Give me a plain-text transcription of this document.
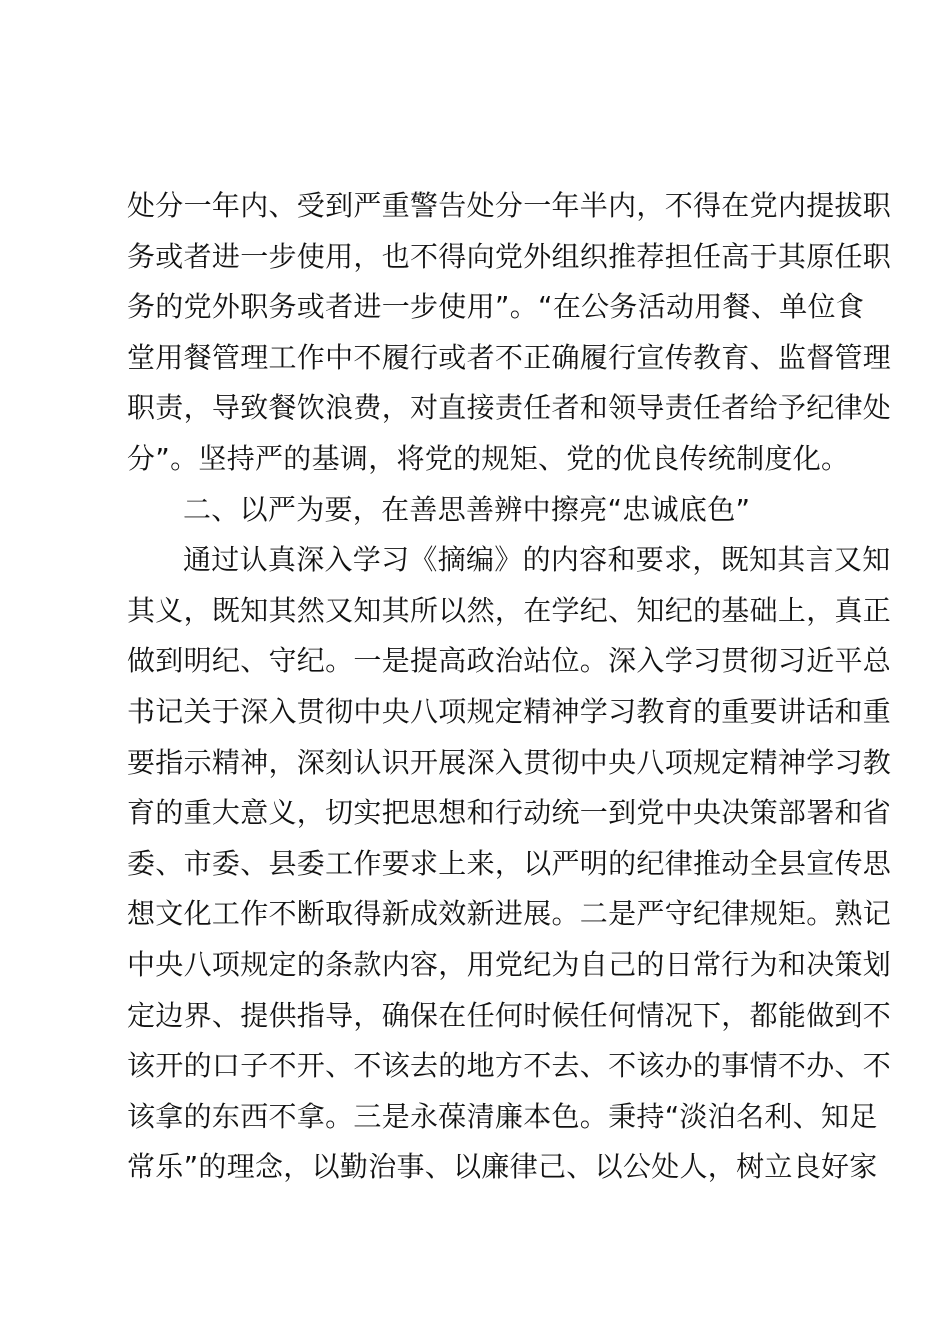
处分一年内、受到严重警告处分一年半内，不得在党内提拔职
务或者进一步使用，也不得向党外组织推荐担任高于其原任职
务的党外职务或者进一步使用”。“在公务活动用餐、单位食
堂用餐管理工作中不履行或者不正确履行宣传教育、监督管理
职责，导致餐饮浪费，对直接责任者和领导责任者给予纪律处
分”。坚持严的基调，将党的规矩、党的优良传统制度化。
二、以严为要，在善思善辨中擦亮“忠诚底色”
通过认真深入学习《摘编》的内容和要求，既知其言又知
其义，既知其然又知其所以然，在学纪、知纪的基础上，真正
做到明纪、守纪。一是提高政治站位。深入学习贯彻习近平总
书记关于深入贯彻中央八项规定精神学习教育的重要讲话和重
要指示精神，深刻认识开展深入贯彻中央八项规定精神学习教
育的重大意义，切实把思想和行动统一到党中央决策部署和省
委、市委、县委工作要求上来，以严明的纪律推动全县宣传思
想文化工作不断取得新成效新进展。二是严守纪律规矩。熟记
中央八项规定的条款内容，用党纪为自己的日常行为和决策划
定边界、提供指导，确保在任何时候任何情况下，都能做到不
该开的口子不开、不该去的地方不去、不该办的事情不办、不
该拿的东西不拿。三是永葆清廉本色。秉持“淡泊名利、知足
常乐”的理念，以勤治事、以廉律己、以公处人，树立良好家
